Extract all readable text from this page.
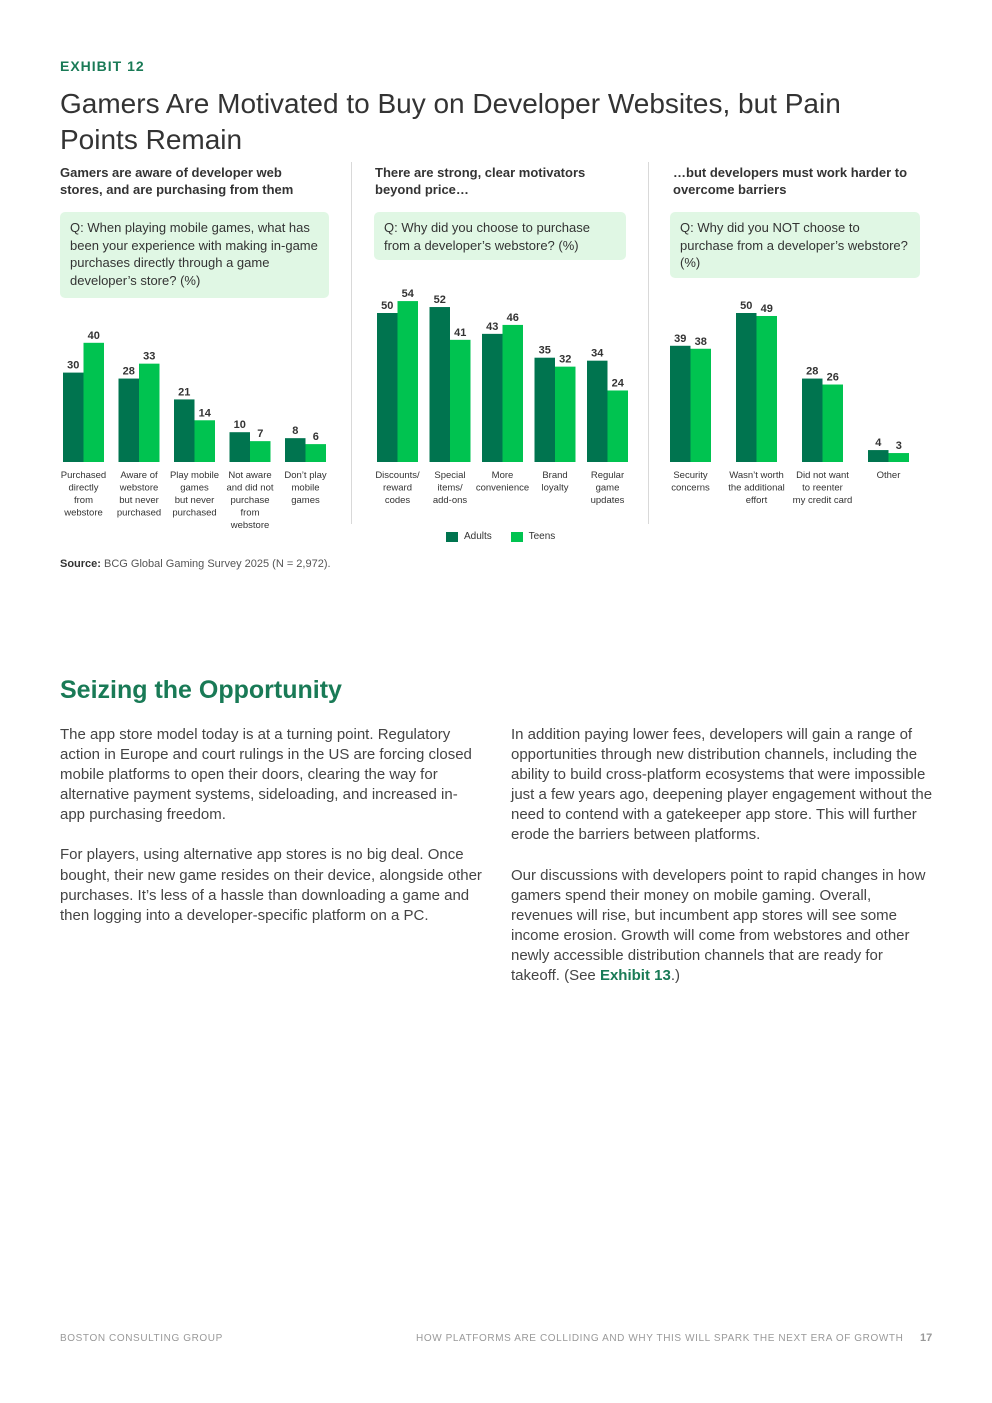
EXHIBIT 12
Gamers Are Motivated to Buy on Developer Websites, but Pain Points Remain
Gamers are aware of developer web stores, and are purchasing from them
Q: When playing mobile games, what has been your experience with making in-game purchases directly through a game developer’s store? (%)
There are strong, clear motivators beyond price…
Q: Why did you choose to purchase from a developer’s webstore? (%)
…but developers must work harder to overcome barriers
Q: Why did you NOT choose to purchase from a developer’s webstore? (%)
30
40
Purchased directly from webstore
28
33
Aware of webstore but never purchased
21
14
Play mobile games but never purchased
10
7
Not aware and did not purchase from webstore
8 6
Don’t play mobile games
50
54
Discounts/ reward codes
52
41
Special items/ add-ons
43
46
More convenience
35
32
Brand loyalty
34
24
Regular game updates
39 38
Security concerns
50 49
Wasn’t worth the additional effort
28 26
Did not want to reenter my credit card
4 3
Other
Adults
	Teens
Source: BCG Global Gaming Survey 2025 (N = 2,972).
Seizing the Opportunity

The app store model today is at a turning point. Regulatory action in Europe and court rulings in the US are forcing closed mobile platforms to open their doors, clearing the way for alternative payment systems, sideloading, and increased in-app purchasing freedom.

For players, using alternative app stores is no big deal. Once bought, their new game resides on their device, alongside other purchases. It’s less of a hassle than downloading a game and then logging into a developer-specific platform on a PC.

In addition paying lower fees, developers will gain a range of opportunities through new distribution channels, including the ability to build cross-platform ecosystems that were impossible just a few years ago, deepening player engagement without the need to contend with a gatekeeper app store. This will further erode the barriers between platforms.

Our discussions with developers point to rapid changes in how gamers spend their money on mobile gaming. Overall, revenues will rise, but incumbent app stores will see some income erosion. Growth will come from webstores and other newly accessible distribution channels that are ready for takeoff. (See Exhibit 13.)

BOSTON CONSULTING GROUP	HOW PLATFORMS ARE COLLIDING AND WHY THIS WILL SPARK THE NEXT ERA OF GROWTH 17
